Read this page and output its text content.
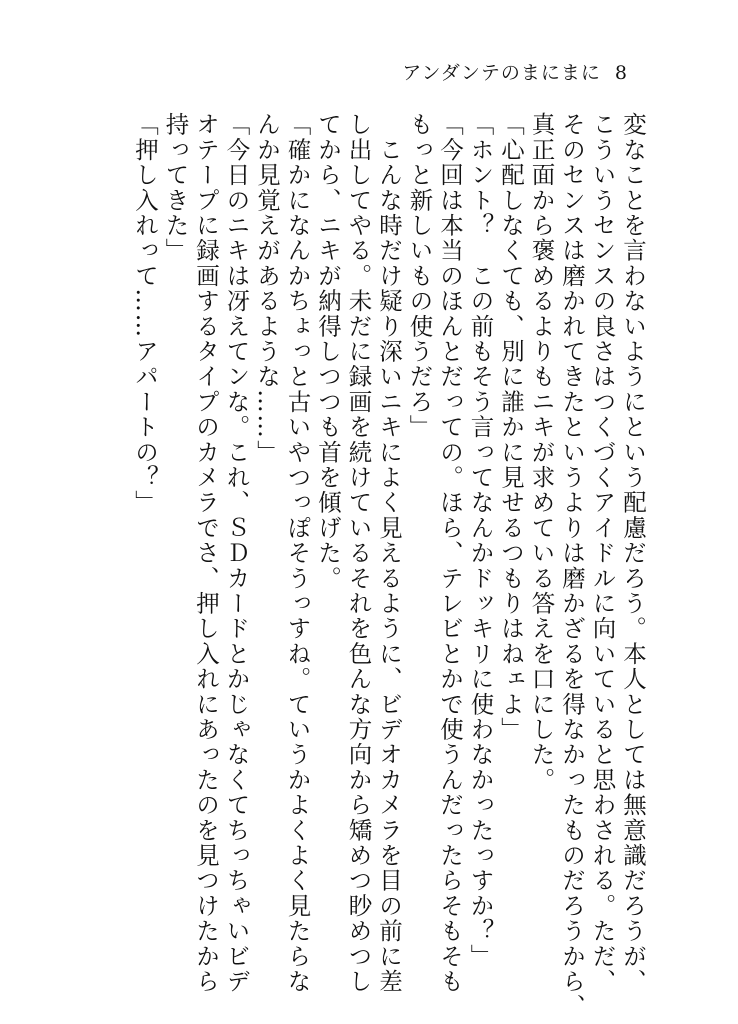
アンダンテのまにまに 8
変なことを言わないようにという配慮だろう。本人としては無意識だろうが、
こういうセンスの良さはつくづくアイドルに向いていると思わされる。ただ、
そのセンスは磨かれてきたというよりは磨かざるを得なかったものだろうから、
真正面から褒めるよりもニキが求めている答えを口にした。
「心配しなくても、別に誰かに見せるつもりはねェよ」
「ホント？　この前もそう言ってなんかドッキリに使わなかったっすか？」
「今回は本当のほんとだっての。ほら、テレビとかで使うんだったらそもそも
もっと新しいもの使うだろ」
　こんな時だけ疑り深いニキによく見えるように、ビデオカメラを目の前に差
し出してやる。未だに録画を続けているそれを色んな方向から矯めつ眇めつし
てから、ニキが納得しつつも首を傾げた。
「確かになんかちょっと古いやつっぽそうっすね。ていうかよくよく見たらな
んか見覚えがあるような……」
「今日のニキは冴えてンな。これ、ＳＤカードとかじゃなくてちっちゃいビデ
オテープに録画するタイプのカメラでさ、押し入れにあったのを見つけたから
持ってきた」
「押し入れって……アパートの？」
